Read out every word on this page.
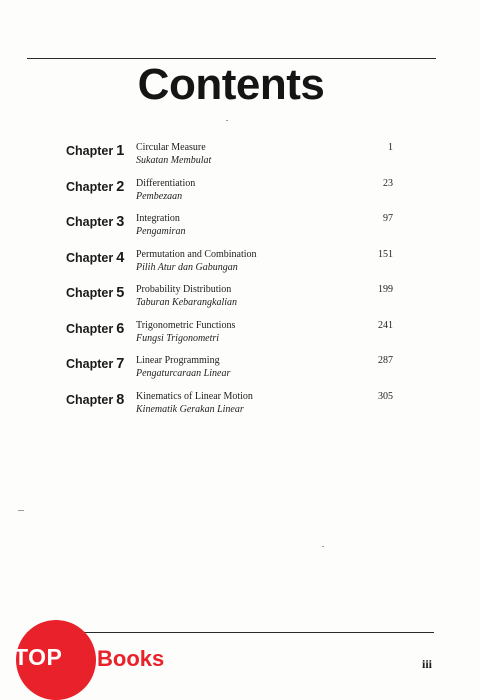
Contents
Chapter 1 Circular Measure
Sukatan Membulat
1
Chapter 2 Differentiation
Pembezaan
23
Chapter 3 Integration
Pengamiran
97
Chapter 4 Permutation and Combination
Pilih Atur dan Gabungan
151
Chapter 5 Probability Distribution
Taburan Kebarangkalian
199
Chapter 6 Trigonometric Functions
Fungsi Trigonometri
241
Chapter 7 Linear Programming
Pengaturcaraan Linear
287
Chapter 8 Kinematics of Linear Motion
Kinematik Gerakan Linear
305
iii
TOP Books
